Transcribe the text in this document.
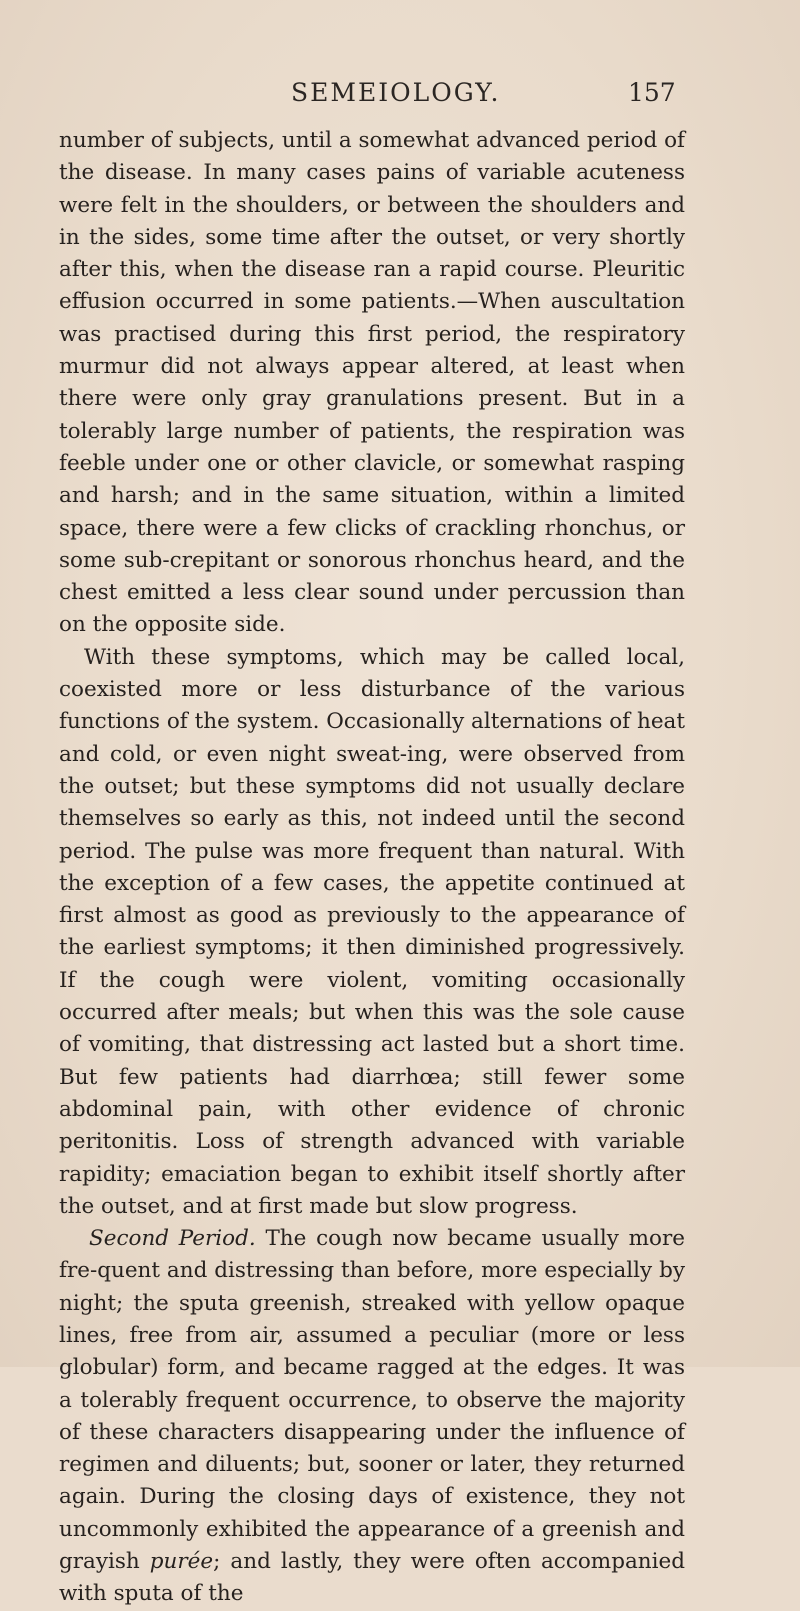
SEMEIOLOGY.	157

number of subjects, until a somewhat advanced period of the disease. In many cases pains of variable acuteness were felt in the shoulders, or between the shoulders and in the sides, some time after the outset, or very shortly after this, when the disease ran a rapid course. Pleuritic effusion occurred in some patients.—When auscultation was practised during this first period, the respiratory murmur did not always appear altered, at least when there were only gray granulations present. But in a tolerably large number of patients, the respiration was feeble under one or other clavicle, or somewhat rasping and harsh; and in the same situation, within a limited space, there were a few clicks of crackling rhonchus, or some sub-crepitant or sonorous rhonchus heard, and the chest emitted a less clear sound under percussion than on the opposite side.

With these symptoms, which may be called local, coexisted more or less disturbance of the various functions of the system. Occasionally alternations of heat and cold, or even night sweat-ing, were observed from the outset; but these symptoms did not usually declare themselves so early as this, not indeed until the second period. The pulse was more frequent than natural. With the exception of a few cases, the appetite continued at first almost as good as previously to the appearance of the earliest symptoms; it then diminished progressively. If the cough were violent, vomiting occasionally occurred after meals; but when this was the sole cause of vomiting, that distressing act lasted but a short time. But few patients had diarrhœa; still fewer some abdominal pain, with other evidence of chronic peritonitis. Loss of strength advanced with variable rapidity; emaciation began to exhibit itself shortly after the outset, and at first made but slow progress.

Second Period. The cough now became usually more fre-quent and distressing than before, more especially by night; the sputa greenish, streaked with yellow opaque lines, free from air, assumed a peculiar (more or less globular) form, and became ragged at the edges. It was a tolerably frequent occurrence, to observe the majority of these characters disappearing under the influence of regimen and diluents; but, sooner or later, they returned again. During the closing days of existence, they not uncommonly exhibited the appearance of a greenish and grayish purée; and lastly, they were often accompanied with sputa of the
